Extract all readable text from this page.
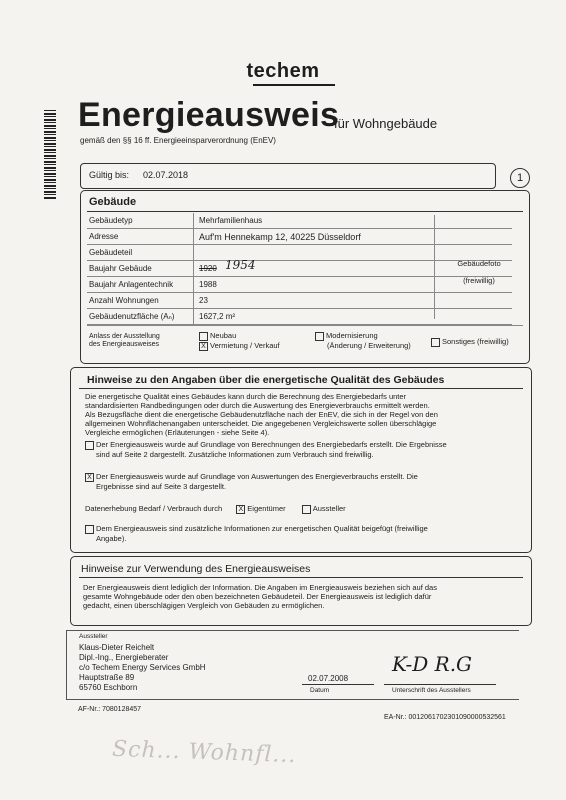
techem
Energieausweis
für Wohngebäude
gemäß den §§ 16 ff. Energieeinsparverordnung (EnEV)
Gültig bis: 02.07.2018	1
Gebäude
Gebäudetyp	Mehrfamilienhaus
Adresse	Auf'm Hennekamp 12, 40225 Düsseldorf
Gebäudeteil
Baujahr Gebäude	1920 1954
Baujahr Anlagentechnik	1988
Anzahl Wohnungen	23
Gebäudenutzfläche (Aₙ)	1627,2 m²
Gebäudefoto
(freiwillig)
Anlass der Ausstellung
des Energieausweises
Neubau
X Vermietung / Verkauf
Modernisierung
(Änderung / Erweiterung)	Sonstiges (freiwillig)
Hinweise zu den Angaben über die energetische Qualität des Gebäudes
Die energetische Qualität eines Gebäudes kann durch die Berechnung des Energiebedarfs unter
standardisierten Randbedingungen oder durch die Auswertung des Energieverbrauchs ermittelt werden.
Als Bezugsfläche dient die energetische Gebäudenutzfläche nach der EnEV, die sich in der Regel von den
allgemeinen Wohnflächenangaben unterscheidet. Die angegebenen Vergleichswerte sollen überschlägige
Vergleiche ermöglichen (Erläuterungen - siehe Seite 4).
Der Energieausweis wurde auf Grundlage von Berechnungen des Energiebedarfs erstellt. Die Ergebnisse
sind auf Seite 2 dargestellt. Zusätzliche Informationen zum Verbrauch sind freiwillig.
X Der Energieausweis wurde auf Grundlage von Auswertungen des Energieverbrauchs erstellt. Die
Ergebnisse sind auf Seite 3 dargestellt.
Datenerhebung Bedarf / Verbrauch durch X Eigentümer	Aussteller
Dem Energieausweis sind zusätzliche Informationen zur energetischen Qualität beigefügt (freiwillige
Angabe).
Hinweise zur Verwendung des Energieausweises
Der Energieausweis dient lediglich der Information. Die Angaben im Energieausweis beziehen sich auf das
gesamte Wohngebäude oder den oben bezeichneten Gebäudeteil. Der Energieausweis ist lediglich dafür
gedacht, einen überschlägigen Vergleich von Gebäuden zu ermöglichen.
Aussteller
Klaus-Dieter Reichelt
Dipl.-Ing., Energieberater
c/o Techem Energy Services GmbH
Hauptstraße 89
65760 Eschborn
02.07.2008
Datum
K-D R.G
Unterschrift des Ausstellers
AF-Nr.: 7080128457
EA-Nr.: 0012061702301090000532561
Sch... Wohnfl...
